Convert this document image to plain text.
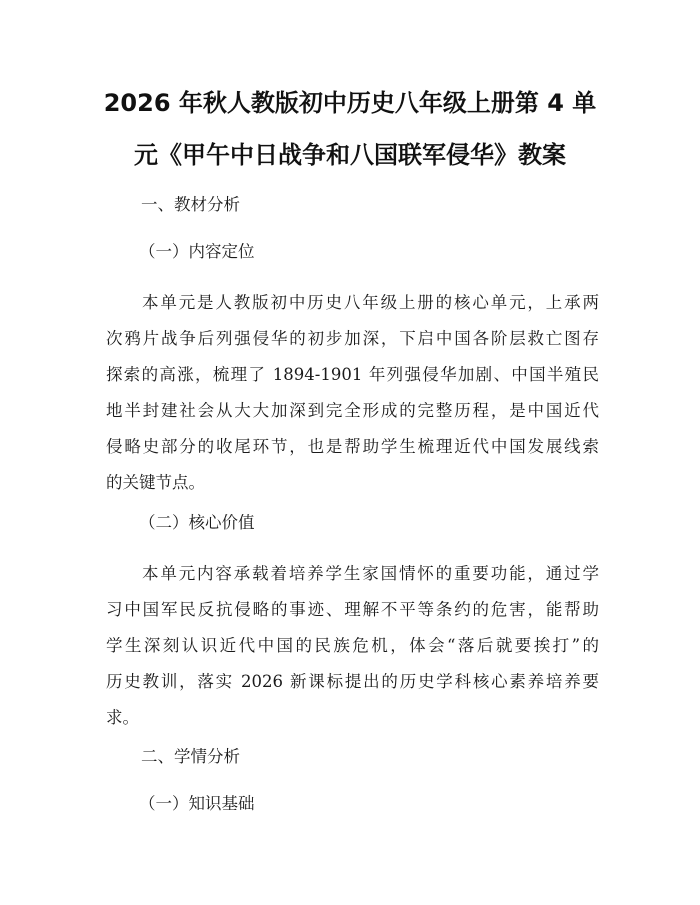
2026 年秋人教版初中历史八年级上册第 4 单
元《甲午中日战争和八国联军侵华》教案
一、教材分析
（一）内容定位
本单元是人教版初中历史八年级上册的核心单元，上承两
次鸦片战争后列强侵华的初步加深，下启中国各阶层救亡图存
探索的高涨，梳理了 1894-1901 年列强侵华加剧、中国半殖民
地半封建社会从大大加深到完全形成的完整历程，是中国近代
侵略史部分的收尾环节，也是帮助学生梳理近代中国发展线索
的关键节点。
（二）核心价值
本单元内容承载着培养学生家国情怀的重要功能，通过学
习中国军民反抗侵略的事迹、理解不平等条约的危害，能帮助
学生深刻认识近代中国的民族危机，体会“落后就要挨打”的
历史教训，落实 2026 新课标提出的历史学科核心素养培养要
求。
二、学情分析
（一）知识基础
